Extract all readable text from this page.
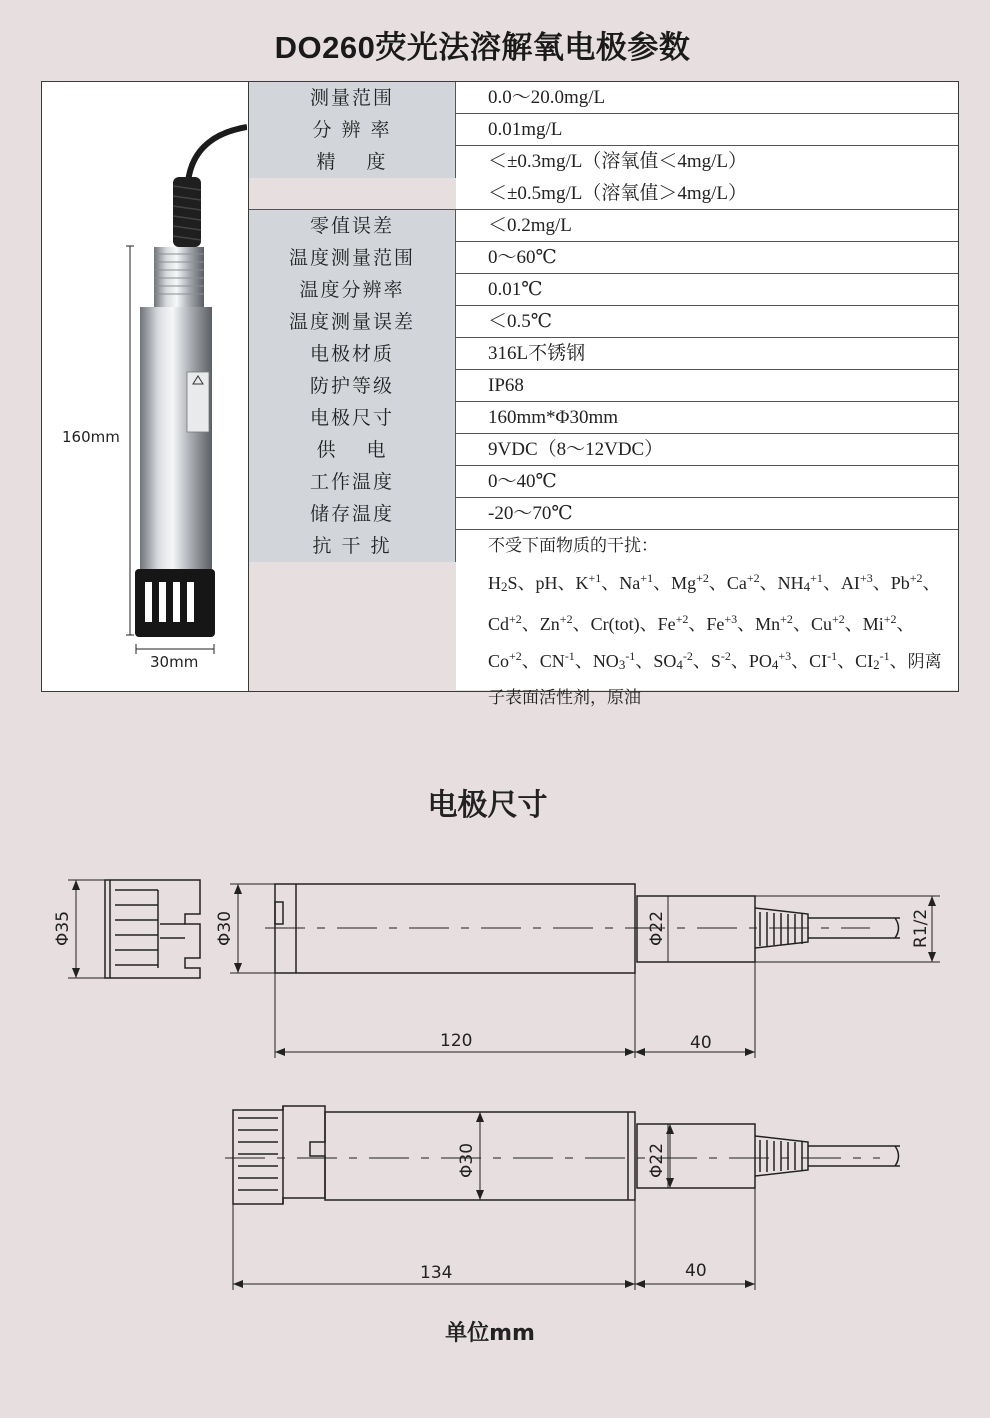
DO260荧光法溶解氧电极参数
160mm
30mm
测量范围	0.0～20.0mg/L
分 辨 率	0.01mg/L
精　 度	＜±0.3mg/L（溶氧值＜4mg/L）
＜±0.5mg/L（溶氧值＞4mg/L）
零值误差	＜0.2mg/L
温度测量范围	0～60℃
温度分辨率	0.01℃
温度测量误差	＜0.5℃
电极材质	316L不锈钢
防护等级	IP68
电极尺寸	160mm*Φ30mm
供　 电	9VDC（8～12VDC）
工作温度	0～40℃
储存温度	-20～70℃
抗 干 扰	不受下面物质的干扰：
$H_2S$、pH、$K^{+1}$、$Na^{+1}$、$Mg^{+2}$、$Ca^{+2}$、$NH_4^{+1}$、$AI^{+3}$、$Pb^{+2}$、$Cd^{+2}$、$Zn^{+2}$、Cr(tot)、$Fe^{+2}$、$Fe^{+3}$、$Mn^{+2}$、$Cu^{+2}$、$Mi^{+2}$、$Co^{+2}$、$CN^{-1}$、$NO_3^{-1}$、$SO_4^{-2}$、$S^{-2}$、$PO_4^{+3}$、$CI^{-1}$、$CI_2^{-1}$、阴离子表面活性剂，原油
电极尺寸
Φ35	Φ30	Φ22	R1/2
120	40
Φ30	Φ22
134	40
单位mm
